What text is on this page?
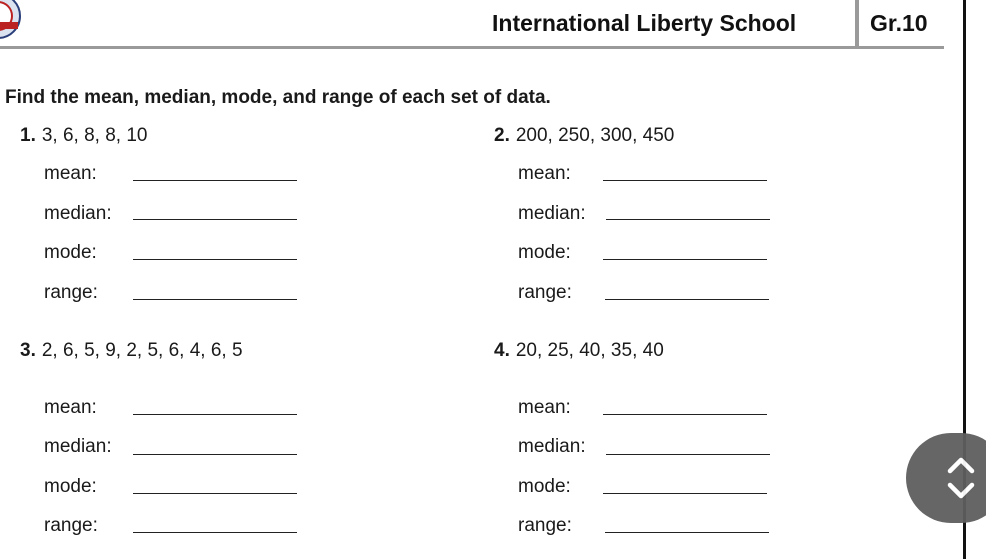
International Liberty School	Gr.10
Find the mean, median, mode, and range of each set of data.
1. 3, 6, 8, 8, 10
mean:
median:
mode:
range:
2. 200, 250, 300, 450
mean:
median:
mode:
range:
3. 2, 6, 5, 9, 2, 5, 6, 4, 6, 5
mean:
median:
mode:
range:
4. 20, 25, 40, 35, 40
mean:
median:
mode:
range:
